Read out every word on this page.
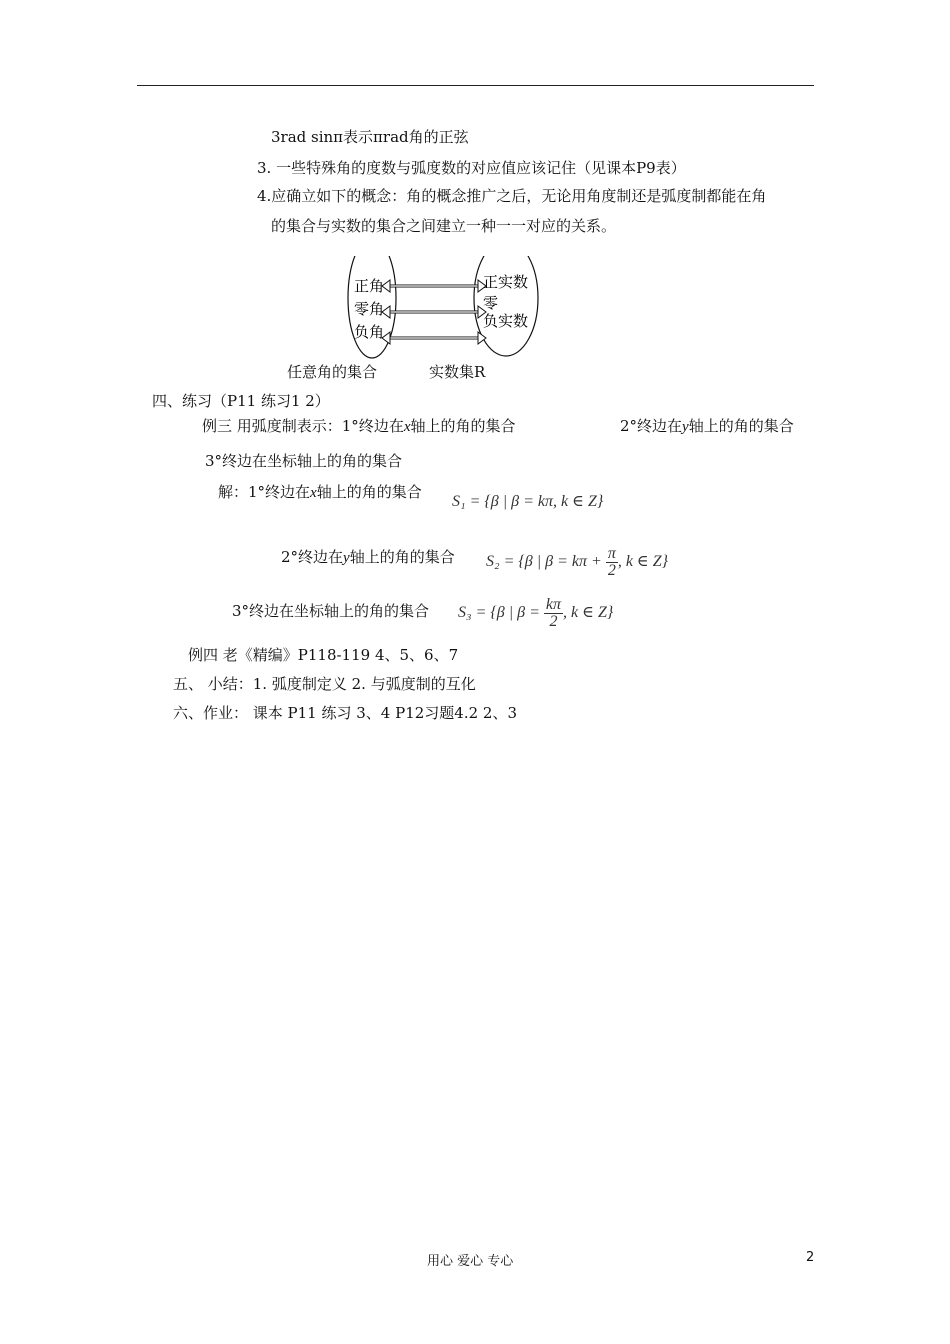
3rad sinπ表示πrad角的正弦
3. 一些特殊角的度数与弧度数的对应值应该记住（见课本P9表）
4.应确立如下的概念：角的概念推广之后，无论用角度制还是弧度制都能在角
的集合与实数的集合之间建立一种一一对应的关系。
正角
零角
负角
正实数
零
负实数
任意角的集合	实数集R
四、练习（P11 练习1 2）
例三 用弧度制表示：1°终边在x轴上的角的集合	2°终边在y轴上的角的集合
3°终边在坐标轴上的角的集合
解：1°终边在x轴上的角的集合
S₁ = {β | β = kπ, k ∈ Z}
2°终边在y轴上的角的集合 S₂ = {β | $\beta = k\pi + \frac{\pi}{2}$ , k ∈ Z}
3°终边在坐标轴上的角的集合 S₃ = {β | $\beta = \frac{k\pi}{2}$ , k ∈ Z}
例四 老《精编》P118-119 4、5、6、7
五、 小结：1. 弧度制定义 2. 与弧度制的互化
六、作业： 课本 P11 练习 3、4 P12习题4.2 2、3
用心 爱心 专心	2
